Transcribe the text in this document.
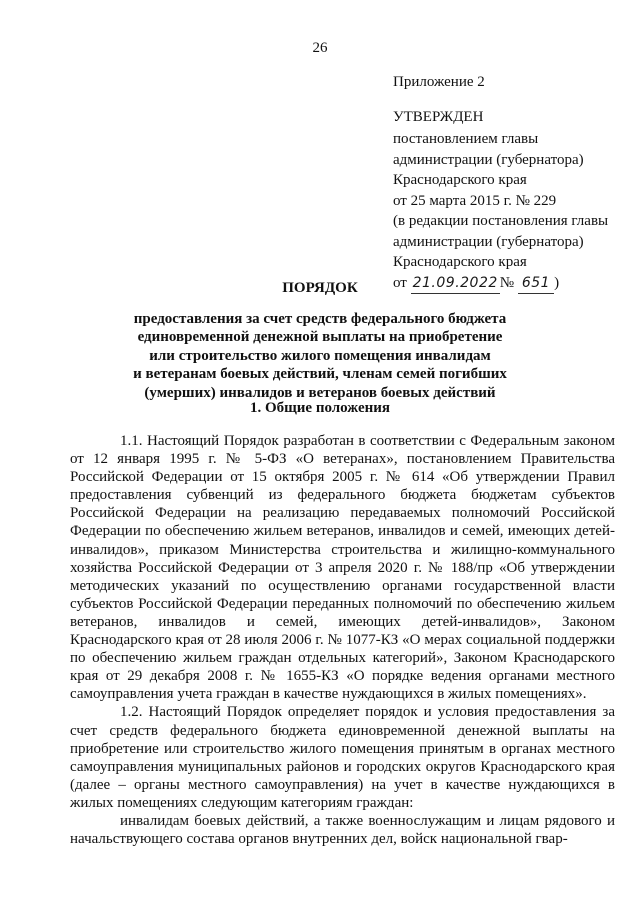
26
Приложение 2
УТВЕРЖДЕН
постановлением главы
администрации (губернатора)
Краснодарского края
от 25 марта 2015 г. № 229
(в редакции постановления главы
администрации (губернатора)
Краснодарского края
от 21.09.2022 № 651 )
ПОРЯДОК
предоставления за счет средств федерального бюджета
единовременной денежной выплаты на приобретение
или строительство жилого помещения инвалидам
и ветеранам боевых действий, членам семей погибших
(умерших) инвалидов и ветеранов боевых действий
1. Общие положения

1.1. Настоящий Порядок разработан в соответствии с Федеральным законом от 12 января 1995 г. № 5-ФЗ «О ветеранах», постановлением Правительства Российской Федерации от 15 октября 2005 г. № 614 «Об утверждении Правил предоставления субвенций из федерального бюджета бюджетам субъектов Российской Федерации на реализацию передаваемых полномочий Российской Федерации по обеспечению жильем ветеранов, инвалидов и семей, имеющих детей-инвалидов», приказом Министерства строительства и жилищно-коммунального хозяйства Российской Федерации от 3 апреля 2020 г. № 188/пр «Об утверждении методических указаний по осуществлению органами государственной власти субъектов Российской Федерации переданных полномочий по обеспечению жильем ветеранов, инвалидов и семей, имеющих детей-инвалидов», Законом Краснодарского края от 28 июля 2006 г. № 1077-КЗ «О мерах социальной поддержки по обеспечению жильем граждан отдельных категорий», Законом Краснодарского края от 29 декабря 2008 г. № 1655-КЗ «О порядке ведения органами местного самоуправления учета граждан в качестве нуждающихся в жилых помещениях».

1.2. Настоящий Порядок определяет порядок и условия предоставления за счет средств федерального бюджета единовременной денежной выплаты на приобретение или строительство жилого помещения принятым в органах местного самоуправления муниципальных районов и городских округов Краснодарского края (далее – органы местного самоуправления) на учет в качестве нуждающихся в жилых помещениях следующим категориям граждан:

инвалидам боевых действий, а также военнослужащим и лицам рядового и начальствующего состава органов внутренних дел, войск национальной гвар-
